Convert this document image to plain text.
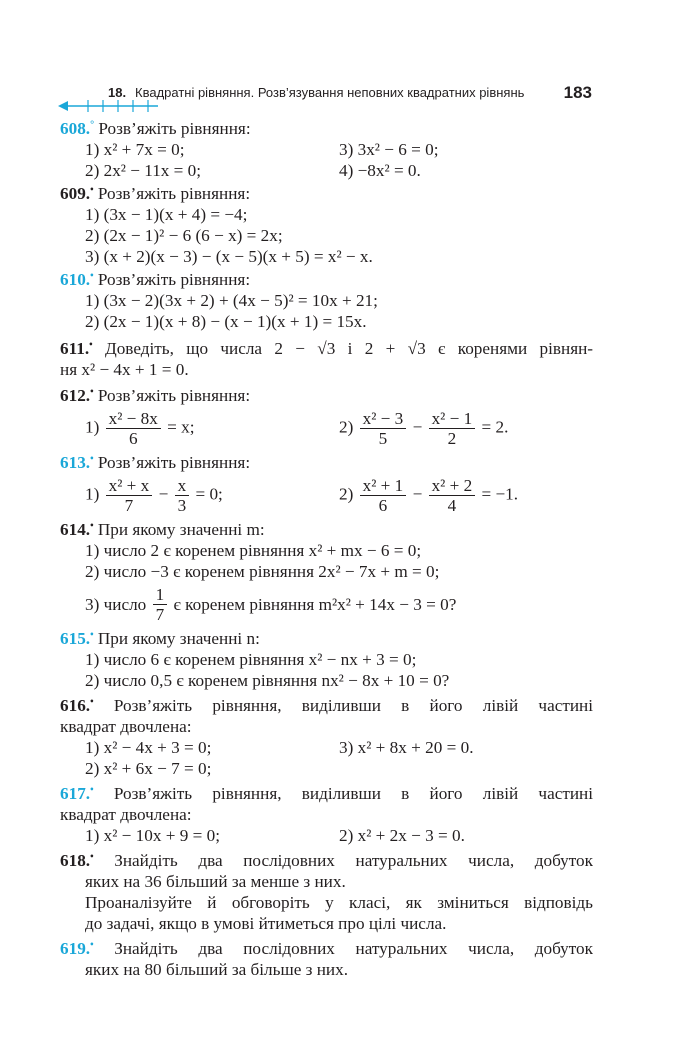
18. Квадратні рівняння. Розв’язування неповних квадратних рівнянь 183
608.° Розв’яжіть рівняння:
1) x² + 7x = 0;	3) 3x² − 6 = 0;
2) 2x² − 11x = 0;	4) −8x² = 0.
609.• Розв’яжіть рівняння:
1) (3x − 1)(x + 4) = −4;
2) (2x − 1)² − 6 (6 − x) = 2x;
3) (x + 2)(x − 3) − (x − 5)(x + 5) = x² − x.
610.• Розв’яжіть рівняння:
1) (3x − 2)(3x + 2) + (4x − 5)² = 10x + 21;
2) (2x − 1)(x + 8) − (x − 1)(x + 1) = 15x.
611.• Доведіть, що числа 2 − √3 і 2 + √3 є коренями рівнян-
ня x² − 4x + 1 = 0.
612.• Розв’яжіть рівняння:
$1) \frac{\text{x² − 8x}}{6} = x$;	$2) \frac{\text{x² − 3}}{5} - \frac{\text{x² − 1}}{2} = 2$.
613.• Розв’яжіть рівняння:
$1) \frac{\text{x² + x}}{7} - \frac{x}{3} = 0$;	$2) \frac{\text{x² + 1}}{6} - \frac{\text{x² + 2}}{4} = -1$.
614.• При якому значенні m:
1) число 2 є коренем рівняння x² + mx − 6 = 0;
2) число −3 є коренем рівняння 2x² − 7x + m = 0;
3) число
$\frac{1}{7}$
є коренем рівняння m²x² + 14x − 3 = 0?
615.• При якому значенні n:
1) число 6 є коренем рівняння x² − nx + 3 = 0;
2) число 0,5 є коренем рівняння nx² − 8x + 10 = 0?
616.• Розв’яжіть рівняння, виділивши в його лівій частині
квадрат двочлена:
1) x² − 4x + 3 = 0;	3) x² + 8x + 20 = 0.
2) x² + 6x − 7 = 0;
617.• Розв’яжіть рівняння, виділивши в його лівій частині
квадрат двочлена:
1) x² − 10x + 9 = 0;	2) x² + 2x − 3 = 0.
618.• Знайдіть два послідовних натуральних числа, добуток
яких на 36 більший за менше з них.
Проаналізуйте й обговоріть у класі, як зміниться відповідь
до задачі, якщо в умові йтиметься про цілі числа.
619.• Знайдіть два послідовних натуральних числа, добуток
яких на 80 більший за більше з них.
